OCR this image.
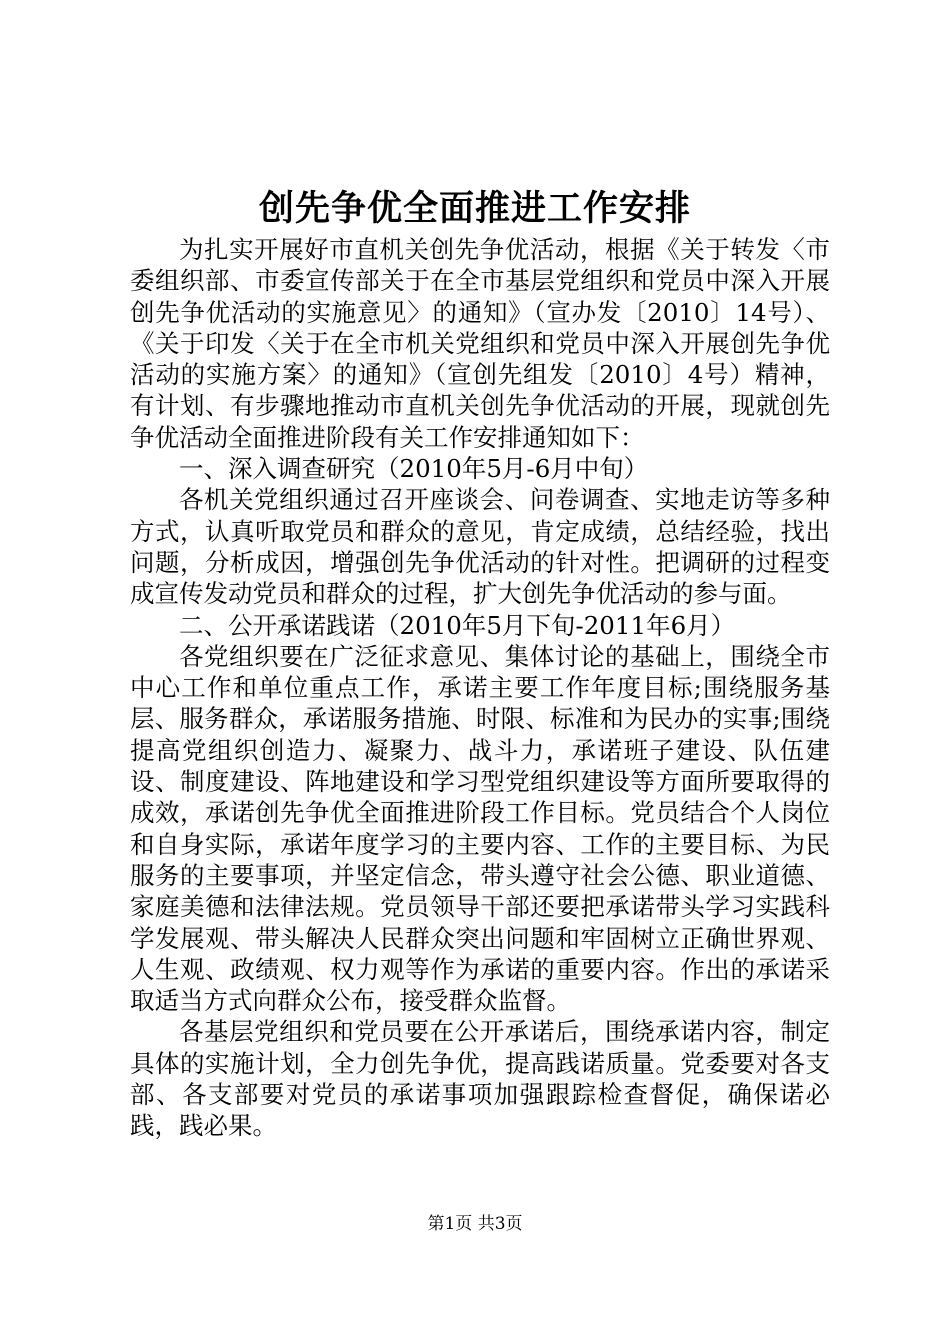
创先争优全面推进工作安排

为扎实开展好市直机关创先争优活动，根据《关于转发〈市委组织部、市委宣传部关于在全市基层党组织和党员中深入开展创先争优活动的实施意见〉的通知》（宣办发〔2010〕14号）、《关于印发〈关于在全市机关党组织和党员中深入开展创先争优活动的实施方案〉的通知》（宣创先组发〔2010〕4号）精神，有计划、有步骤地推动市直机关创先争优活动的开展，现就创先争优活动全面推进阶段有关工作安排通知如下：

一、深入调查研究（2010年5月-6月中旬）

各机关党组织通过召开座谈会、问卷调查、实地走访等多种方式，认真听取党员和群众的意见，肯定成绩，总结经验，找出问题，分析成因，增强创先争优活动的针对性。把调研的过程变成宣传发动党员和群众的过程，扩大创先争优活动的参与面。

二、公开承诺践诺（2010年5月下旬-2011年6月）

各党组织要在广泛征求意见、集体讨论的基础上，围绕全市中心工作和单位重点工作，承诺主要工作年度目标;围绕服务基层、服务群众，承诺服务措施、时限、标准和为民办的实事;围绕提高党组织创造力、凝聚力、战斗力，承诺班子建设、队伍建设、制度建设、阵地建设和学习型党组织建设等方面所要取得的成效，承诺创先争优全面推进阶段工作目标。党员结合个人岗位和自身实际，承诺年度学习的主要内容、工作的主要目标、为民服务的主要事项，并坚定信念，带头遵守社会公德、职业道德、家庭美德和法律法规。党员领导干部还要把承诺带头学习实践科学发展观、带头解决人民群众突出问题和牢固树立正确世界观、人生观、政绩观、权力观等作为承诺的重要内容。作出的承诺采取适当方式向群众公布，接受群众监督。

各基层党组织和党员要在公开承诺后，围绕承诺内容，制定具体的实施计划，全力创先争优，提高践诺质量。党委要对各支部、各支部要对党员的承诺事项加强跟踪检查督促，确保诺必践，践必果。

第1页 共3页
